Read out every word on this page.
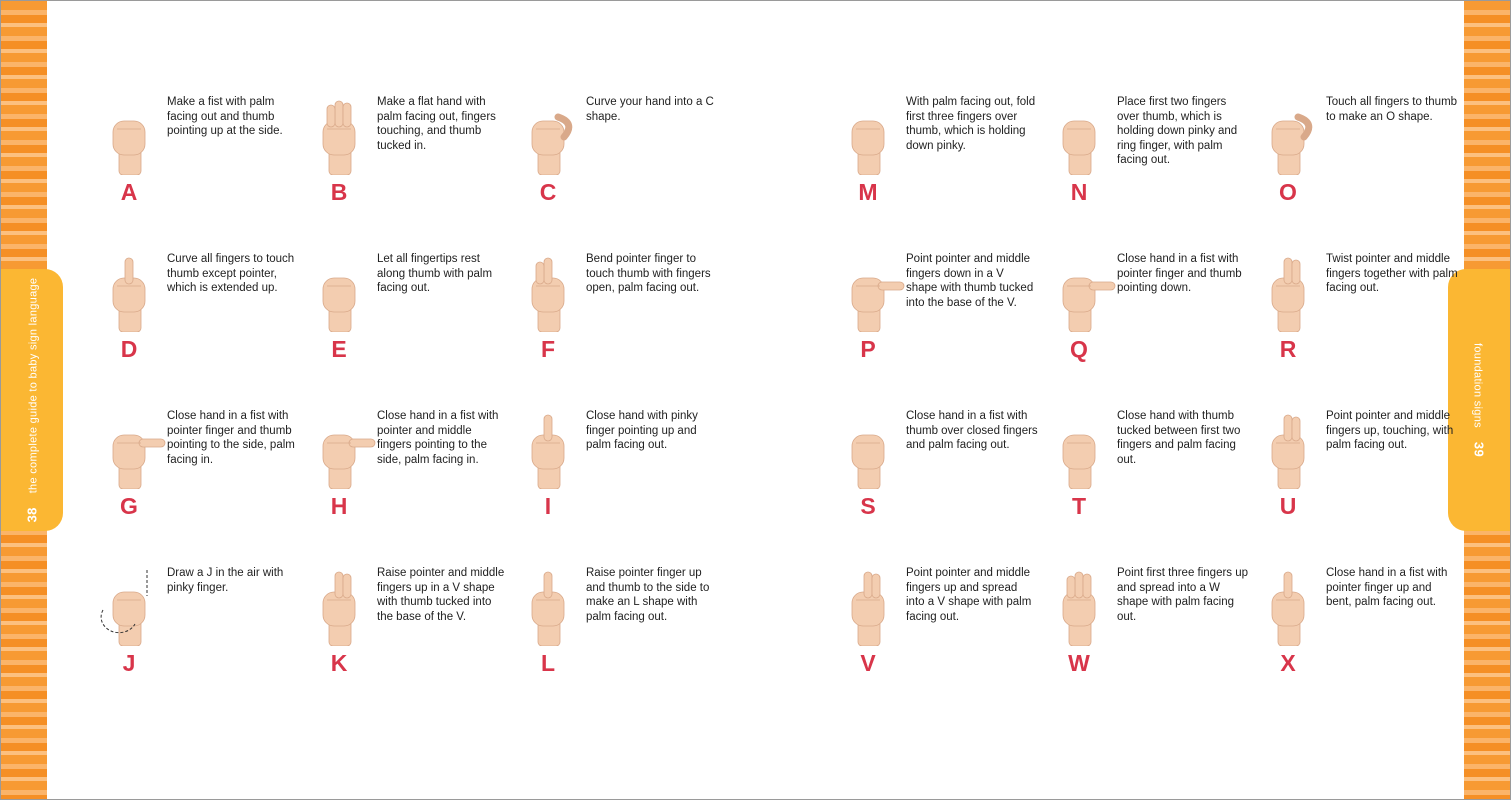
38the complete guide to baby sign language	foundation signs39
A
Make a fist with palm facing out and thumb pointing up at the side.
B
Make a flat hand with palm facing out, fingers touching, and thumb tucked in.
C
Curve your hand into a C shape.
D
Curve all fingers to touch thumb except pointer, which is extended up.
E
Let all fingertips rest along thumb with palm facing out.
F
Bend pointer finger to touch thumb with fingers open, palm facing out.
G
Close hand in a fist with pointer finger and thumb pointing to the side, palm facing in.
H
Close hand in a fist with pointer and middle fingers pointing to the side, palm facing in.
I
Close hand with pinky finger pointing up and palm facing out.
J
Draw a J in the air with pinky finger.
K
Raise pointer and middle fingers up in a V shape with thumb tucked into the base of the V.
L
Raise pointer finger up and thumb to the side to make an L shape with palm facing out.
M
With palm facing out, fold first three fingers over thumb, which is holding down pinky.
N
Place first two fingers over thumb, which is holding down pinky and ring finger, with palm facing out.
O
Touch all fingers to thumb to make an O shape.
P
Point pointer and middle fingers down in a V shape with thumb tucked into the base of the V.
Q
Close hand in a fist with pointer finger and thumb pointing down.
R
Twist pointer and middle fingers together with palm facing out.
S
Close hand in a fist with thumb over closed fingers and palm facing out.
T
Close hand with thumb tucked between first two fingers and palm facing out.
U
Point pointer and middle fingers up, touching, with palm facing out.
V
Point pointer and middle fingers up and spread into a V shape with palm facing out.
W
Point first three fingers up and spread into a W shape with palm facing out.
X
Close hand in a fist with pointer finger up and bent, palm facing out.
